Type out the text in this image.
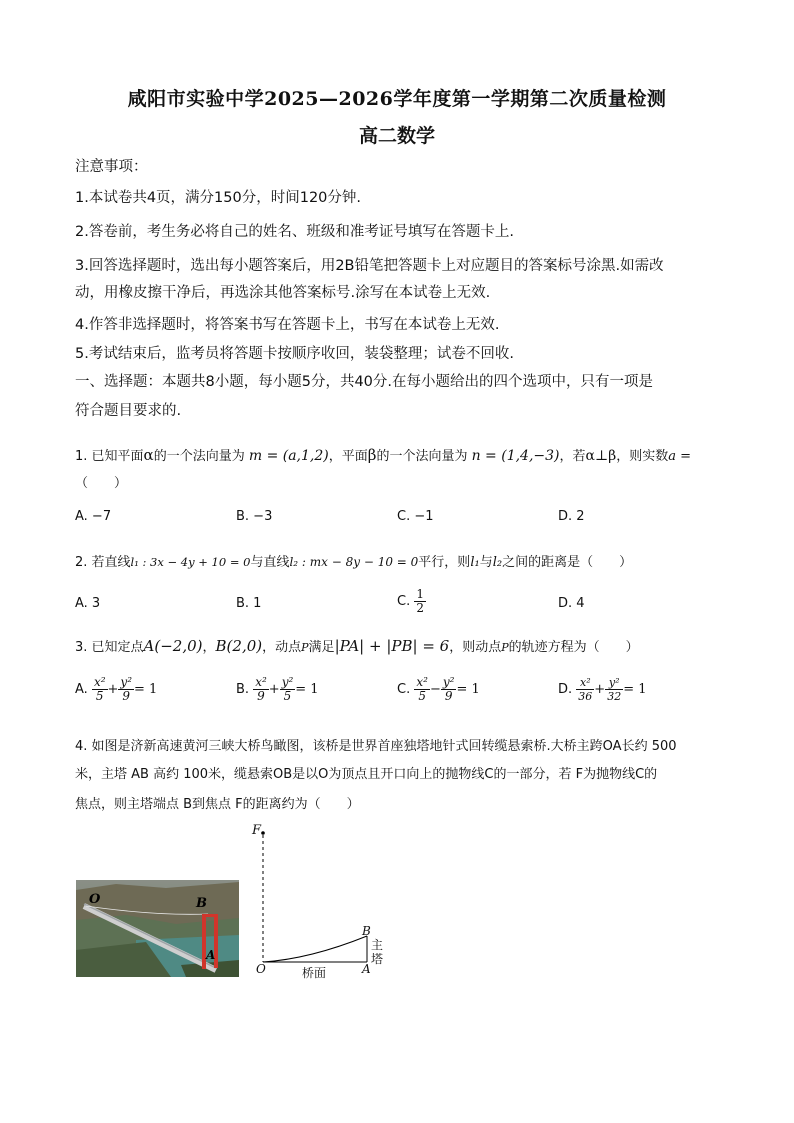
咸阳市实验中学2025—2026学年度第一学期第二次质量检测
高二数学
注意事项：
1.本试卷共4页，满分150分，时间120分钟.
2.答卷前，考生务必将自己的姓名、班级和准考证号填写在答题卡上.
3.回答选择题时，选出每小题答案后，用2B铅笔把答题卡上对应题目的答案标号涂黑.如需改
动，用橡皮擦干净后，再选涂其他答案标号.涂写在本试卷上无效.
4.作答非选择题时，将答案书写在答题卡上，书写在本试卷上无效.
5.考试结束后，监考员将答题卡按顺序收回，装袋整理；试卷不回收.
一、选择题：本题共8小题，每小题5分，共40分.在每小题给出的四个选项中，只有一项是
符合题目要求的.
1. 已知平面α的一个法向量为 m = (a,1,2)，平面β的一个法向量为 n = (1,4,−3)，若α⊥β，则实数a =
（　　）
A. −7	B. −3	C. −1	D. 2
2. 若直线l₁ : 3x − 4y + 10 = 0与直线l₂ : mx − 8y − 10 = 0平行，则l₁与l₂之间的距离是（　　）
A. 3	B. 1	C. $\frac{1}{2}$	D. 4
3. 已知定点A(−2,0)，B(2,0)，动点P满足|PA| + |PB| = 6，则动点P的轨迹方程为（　　）
A. $\frac{\text{x²}}{5} + \frac{\text{y²}}{9} = 1$	B. $\frac{\text{x²}}{9} + \frac{\text{y²}}{5} = 1$	C. $\frac{\text{x²}}{5} - \frac{\text{y²}}{9} = 1$	D. $\frac{\text{x²}}{36} + \frac{\text{y²}}{32} = 1$
4. 如图是济新高速黄河三峡大桥鸟瞰图，该桥是世界首座独塔地针式回转缆悬索桥.大桥主跨OA长约 500
米，主塔 AB 高约 100米，缆悬索OB是以O为顶点且开口向上的抛物线C的一部分，若 F为抛物线C的
焦点，则主塔端点 B到焦点 F的距离约为（　　）
O	B
A
F
O	A
B
桥面
主
塔
